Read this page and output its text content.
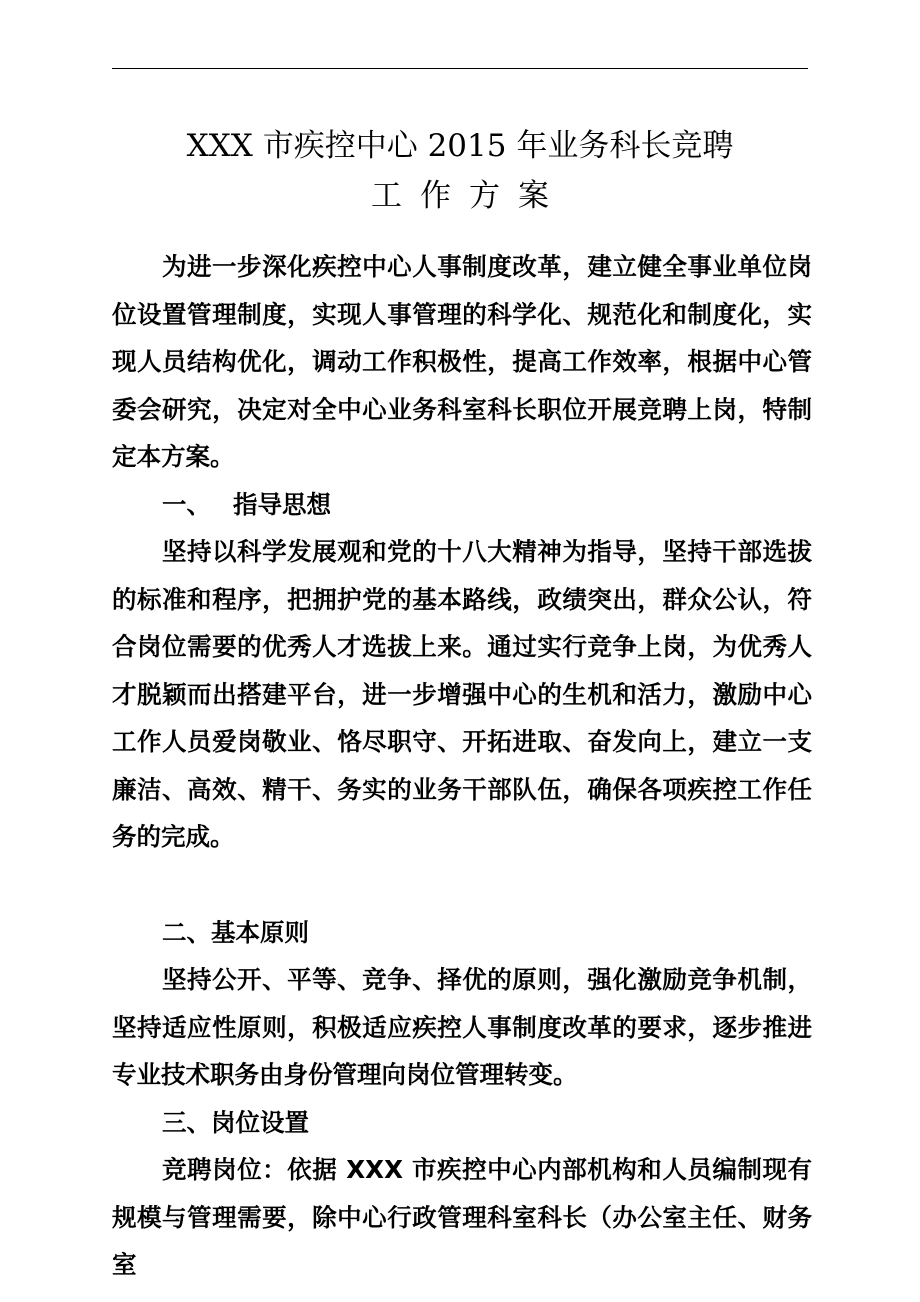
XXX 市疾控中心 2015 年业务科长竞聘
工作方案

为进一步深化疾控中心人事制度改革，建立健全事业单位岗位设置管理制度，实现人事管理的科学化、规范化和制度化，实现人员结构优化，调动工作积极性，提高工作效率，根据中心管委会研究，决定对全中心业务科室科长职位开展竞聘上岗，特制定本方案。

一、 指导思想

坚持以科学发展观和党的十八大精神为指导，坚持干部选拔的标准和程序，把拥护党的基本路线，政绩突出，群众公认，符合岗位需要的优秀人才选拔上来。通过实行竞争上岗，为优秀人才脱颖而出搭建平台，进一步增强中心的生机和活力，激励中心工作人员爱岗敬业、恪尽职守、开拓进取、奋发向上，建立一支廉洁、高效、精干、务实的业务干部队伍，确保各项疾控工作任务的完成。

二、基本原则

坚持公开、平等、竞争、择优的原则，强化激励竞争机制，坚持适应性原则，积极适应疾控人事制度改革的要求，逐步推进专业技术职务由身份管理向岗位管理转变。

三、岗位设置

竞聘岗位：依据 XXX 市疾控中心内部机构和人员编制现有规模与管理需要，除中心行政管理科室科长（办公室主任、财务室
